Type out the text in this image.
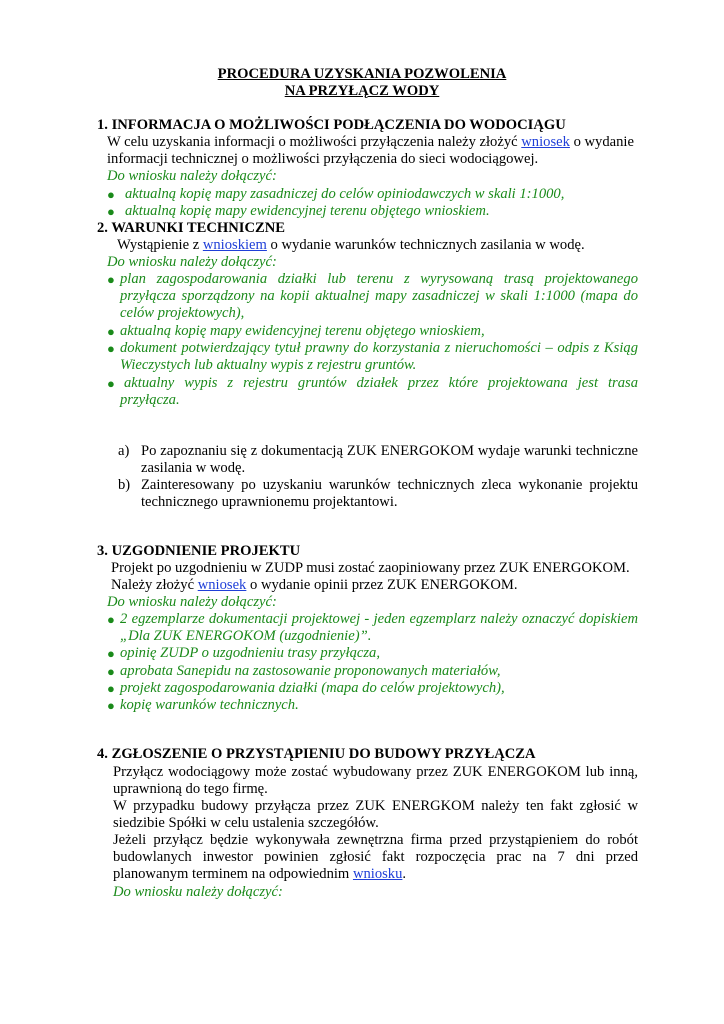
PROCEDURA UZYSKANIA POZWOLENIA
NA PRZYŁĄCZ WODY
1. INFORMACJA O MOŻLIWOŚCI PODŁĄCZENIA DO WODOCIĄGU
W celu uzyskania informacji o możliwości przyłączenia należy złożyć wniosek o wydanie
informacji technicznej o możliwości przyłączenia do sieci wodociągowej.
Do wniosku należy dołączyć:
● aktualną kopię mapy zasadniczej do celów opiniodawczych w skali 1:1000,
● aktualną kopię mapy ewidencyjnej terenu objętego wnioskiem.
2. WARUNKI TECHNICZNE
Wystąpienie z wnioskiem o wydanie warunków technicznych zasilania w wodę.
Do wniosku należy dołączyć:
● plan zagospodarowania działki lub terenu z wyrysowaną trasą projektowanego
przyłącza sporządzony na kopii aktualnej mapy zasadniczej w skali 1:1000 (mapa do
celów projektowych),
● aktualną kopię mapy ewidencyjnej terenu objętego wnioskiem,
● dokument potwierdzający tytuł prawny do korzystania z nieruchomości – odpis z Ksiąg
Wieczystych lub aktualny wypis z rejestru gruntów.
● aktualny wypis z rejestru gruntów działek przez które projektowana jest trasa
przyłącza.
a) Po zapoznaniu się z dokumentacją ZUK ENERGOKOM wydaje warunki techniczne
zasilania w wodę.
b) Zainteresowany po uzyskaniu warunków technicznych zleca wykonanie projektu
technicznego uprawnionemu projektantowi.
3. UZGODNIENIE PROJEKTU
Projekt po uzgodnieniu w ZUDP musi zostać zaopiniowany przez ZUK ENERGOKOM.
Należy złożyć wniosek o wydanie opinii przez ZUK ENERGOKOM.
Do wniosku należy dołączyć:
● 2 egzemplarze dokumentacji projektowej - jeden egzemplarz należy oznaczyć dopiskiem
„Dla ZUK ENERGOKOM (uzgodnienie)”.
● opinię ZUDP o uzgodnieniu trasy przyłącza,
● aprobata Sanepidu na zastosowanie proponowanych materiałów,
● projekt zagospodarowania działki (mapa do celów projektowych),
● kopię warunków technicznych.
4. ZGŁOSZENIE O PRZYSTĄPIENIU DO BUDOWY PRZYŁĄCZA
Przyłącz wodociągowy może zostać wybudowany przez ZUK ENERGOKOM lub inną,
uprawnioną do tego firmę.
W przypadku budowy przyłącza przez ZUK ENERGKOM należy ten fakt zgłosić w
siedzibie Spółki w celu ustalenia szczegółów.
Jeżeli przyłącz będzie wykonywała zewnętrzna firma przed przystąpieniem do robót
budowlanych inwestor powinien zgłosić fakt rozpoczęcia prac na 7 dni przed
planowanym terminem na odpowiednim wniosku.
Do wniosku należy dołączyć:
